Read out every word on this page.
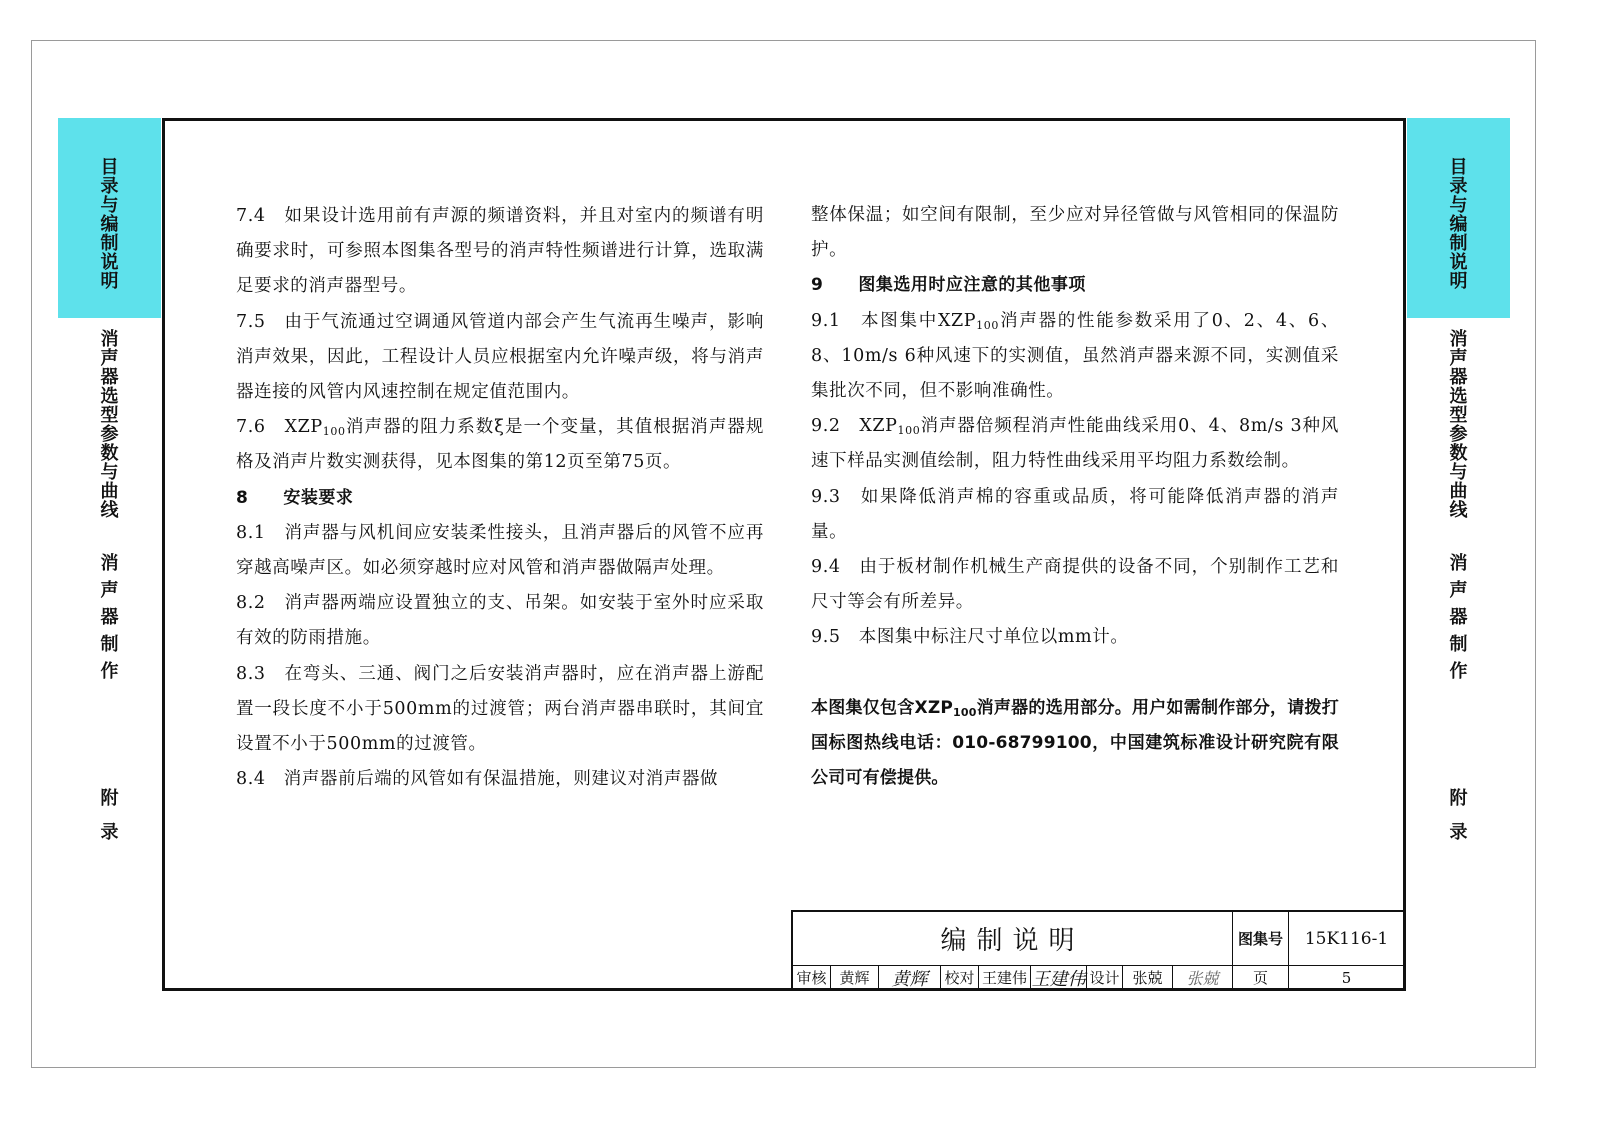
目
录
与
编
制
说
明
消
声
器
选
型
参
数
与
曲
线
消
声
器
制
作
附
录
目
录
与
编
制
说
明
消
声
器
选
型
参
数
与
曲
线
消
声
器
制
作
附
录

7.4　如果设计选用前有声源的频谱资料，并且对室内的频谱有明确要求时，可参照本图集各型号的消声特性频谱进行计算，选取满足要求的消声器型号。

7.5　由于气流通过空调通风管道内部会产生气流再生噪声，影响消声效果，因此，工程设计人员应根据室内允许噪声级，将与消声器连接的风管内风速控制在规定值范围内。

7.6　$XZP_{100}$消声器的阻力系数ξ是一个变量，其值根据消声器规格及消声片数实测获得，见本图集的第12页至第75页。

8　　安装要求

8.1　消声器与风机间应安装柔性接头，且消声器后的风管不应再穿越高噪声区。如必须穿越时应对风管和消声器做隔声处理。

8.2　消声器两端应设置独立的支、吊架。如安装于室外时应采取有效的防雨措施。

8.3　在弯头、三通、阀门之后安装消声器时，应在消声器上游配置一段长度不小于500mm的过渡管；两台消声器串联时，其间宜设置不小于500mm的过渡管。

8.4　消声器前后端的风管如有保温措施，则建议对消声器做

整体保温；如空间有限制，至少应对异径管做与风管相同的保温防护。

9　　图集选用时应注意的其他事项

9.1　本图集中$XZP_{100}$消声器的性能参数采用了0、2、4、6、8、10m/s 6种风速下的实测值，虽然消声器来源不同，实测值采集批次不同，但不影响准确性。

9.2　$XZP_{100}$消声器倍频程消声性能曲线采用0、4、8m/s 3种风速下样品实测值绘制，阻力特性曲线采用平均阻力系数绘制。

9.3　如果降低消声棉的容重或品质，将可能降低消声器的消声量。

9.4　由于板材制作机械生产商提供的设备不同，个别制作工艺和尺寸等会有所差异。

9.5　本图集中标注尺寸单位以mm计。

本图集仅包含$XZP_{100}$消声器的选用部分。用户如需制作部分，请拨打国标图热线电话：010-68799100，中国建筑标准设计研究院有限公司可有偿提供。

编制说明	图集号	15K116-1
审核 黄辉	黄辉	校对 王建伟 王建伟 设计 张兢	张兢	页	5
